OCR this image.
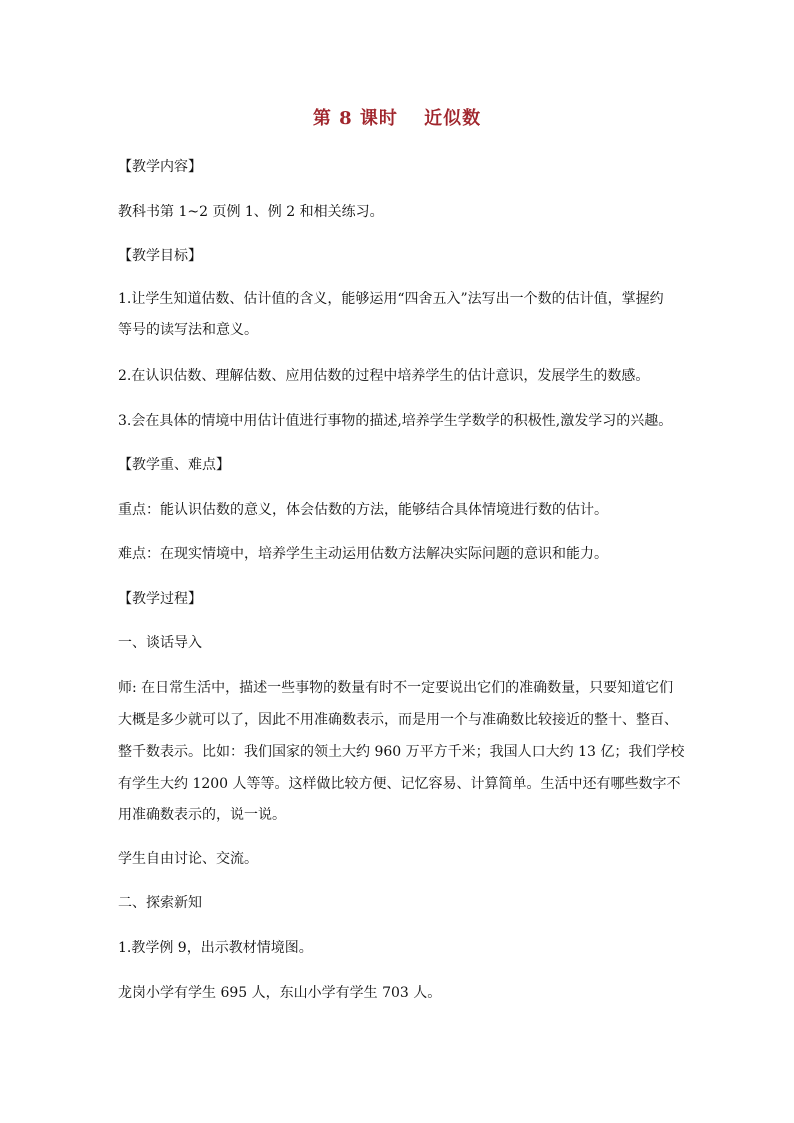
第 8 课时　 近似数
【教学内容】
教科书第 1~2 页例 1、例 2 和相关练习。
【教学目标】
1.让学生知道估数、估计值的含义，能够运用“四舍五入”法写出一个数的估计值，掌握约
等号的读写法和意义。
2.在认识估数、理解估数、应用估数的过程中培养学生的估计意识，发展学生的数感。
3.会在具体的情境中用估计值进行事物的描述,培养学生学数学的积极性,激发学习的兴趣。
【教学重、难点】
重点：能认识估数的意义，体会估数的方法，能够结合具体情境进行数的估计。
难点：在现实情境中，培养学生主动运用估数方法解决实际问题的意识和能力。
【教学过程】
一、谈话导入
师: 在日常生活中，描述一些事物的数量有时不一定要说出它们的准确数量，只要知道它们
大概是多少就可以了，因此不用准确数表示，而是用一个与准确数比较接近的整十、整百、
整千数表示。比如：我们国家的领土大约 960 万平方千米；我国人口大约 13 亿；我们学校
有学生大约 1200 人等等。这样做比较方便、记忆容易、计算简单。生活中还有哪些数字不
用准确数表示的，说一说。
学生自由讨论、交流。
二、探索新知
1.教学例 9，出示教材情境图。
龙岗小学有学生 695 人，东山小学有学生 703 人。
